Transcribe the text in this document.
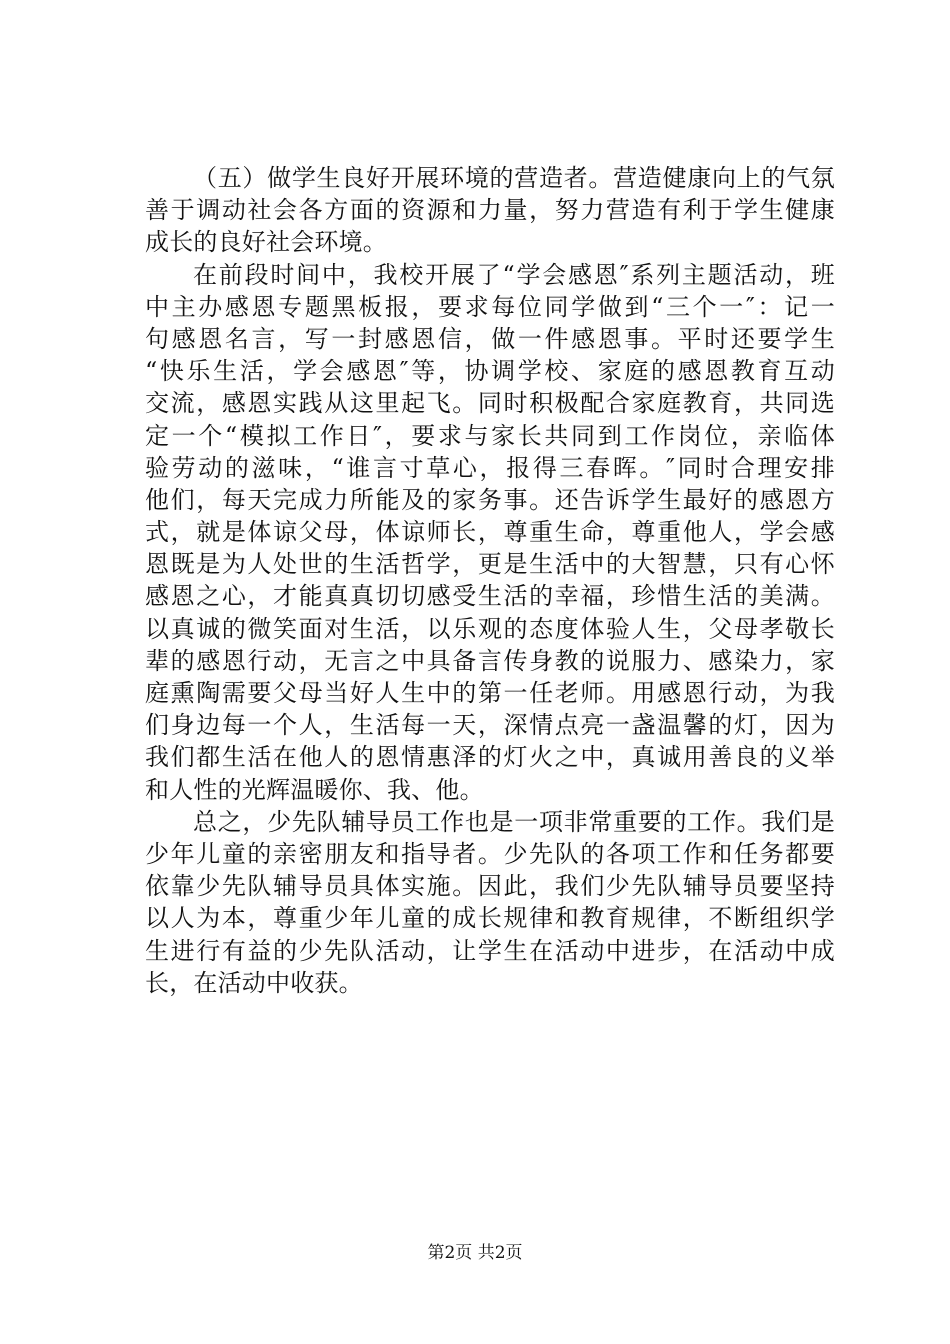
（五）做学生良好开展环境的营造者。营造健康向上的气氛
善于调动社会各方面的资源和力量，努力营造有利于学生健康
成长的良好社会环境。
在前段时间中，我校开展了“学会感恩″系列主题活动，班
中主办感恩专题黑板报，要求每位同学做到“三个一″：记一
句感恩名言，写一封感恩信，做一件感恩事。平时还要学生
“快乐生活，学会感恩″等，协调学校、家庭的感恩教育互动
交流，感恩实践从这里起飞。同时积极配合家庭教育，共同选
定一个“模拟工作日″，要求与家长共同到工作岗位，亲临体
验劳动的滋味，“谁言寸草心，报得三春晖。″同时合理安排
他们，每天完成力所能及的家务事。还告诉学生最好的感恩方
式，就是体谅父母，体谅师长，尊重生命，尊重他人，学会感
恩既是为人处世的生活哲学，更是生活中的大智慧，只有心怀
感恩之心，才能真真切切感受生活的幸福，珍惜生活的美满。
以真诚的微笑面对生活，以乐观的态度体验人生，父母孝敬长
辈的感恩行动，无言之中具备言传身教的说服力、感染力，家
庭熏陶需要父母当好人生中的第一任老师。用感恩行动，为我
们身边每一个人，生活每一天，深情点亮一盏温馨的灯，因为
我们都生活在他人的恩情惠泽的灯火之中，真诚用善良的义举
和人性的光辉温暖你、我、他。
总之，少先队辅导员工作也是一项非常重要的工作。我们是
少年儿童的亲密朋友和指导者。少先队的各项工作和任务都要
依靠少先队辅导员具体实施。因此，我们少先队辅导员要坚持
以人为本，尊重少年儿童的成长规律和教育规律，不断组织学
生进行有益的少先队活动，让学生在活动中进步，在活动中成
长，在活动中收获。
第2页 共2页
